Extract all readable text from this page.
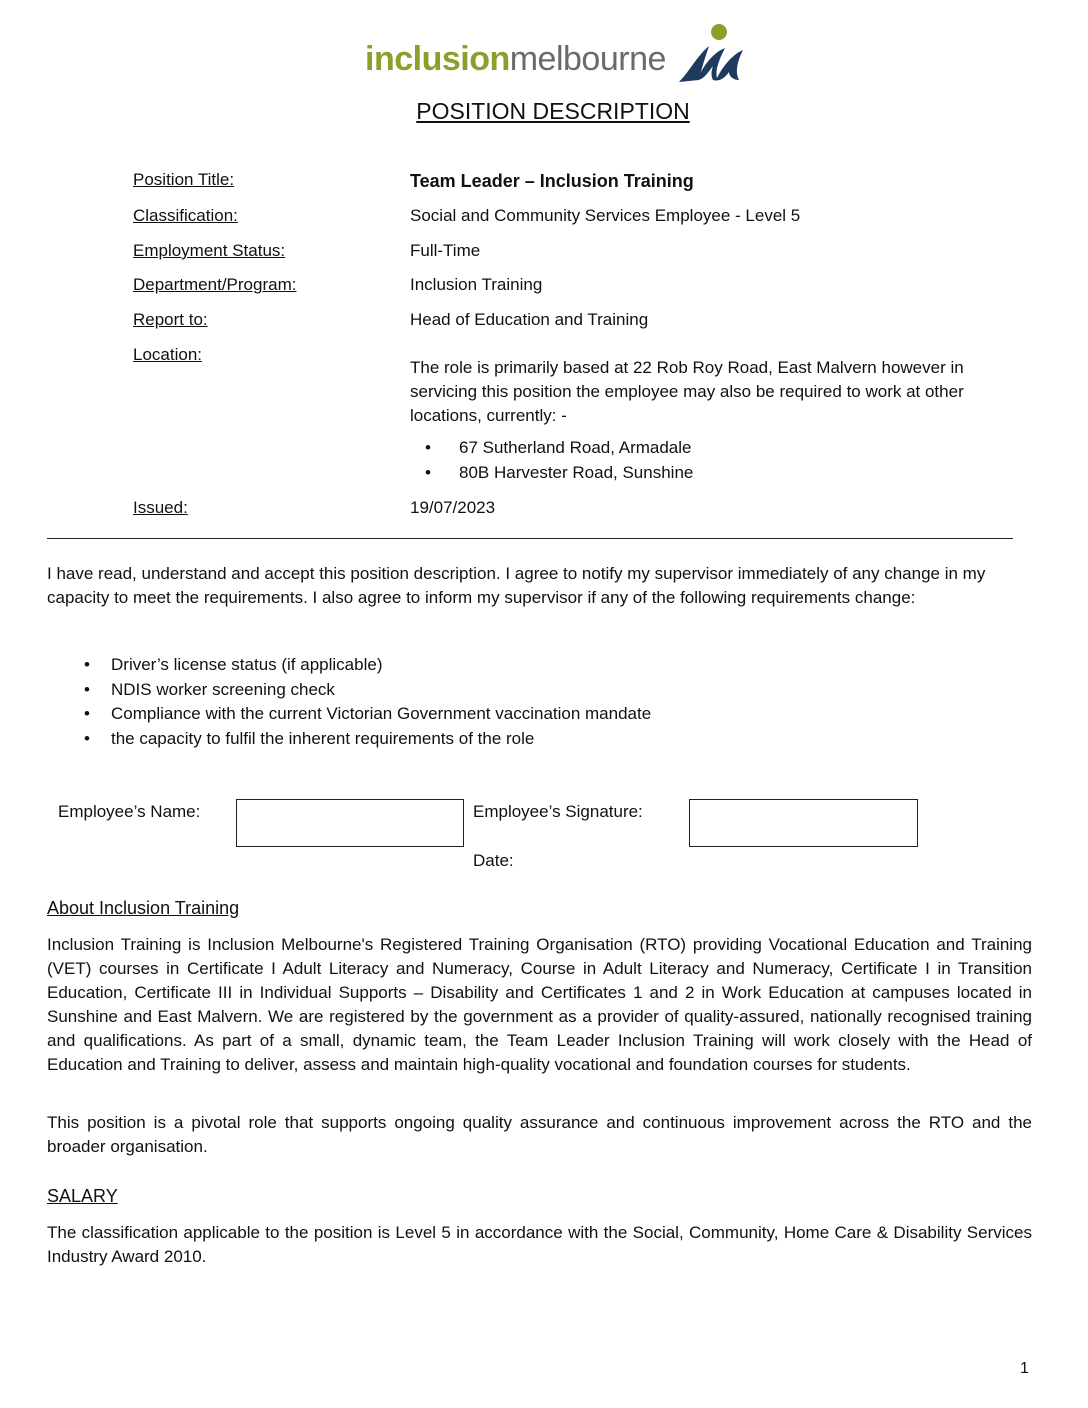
inclusionmelbourne
POSITION DESCRIPTION
Position Title:	Team Leader – Inclusion Training
Classification:	Social and Community Services Employee - Level 5
Employment Status:	Full-Time
Department/Program:	Inclusion Training
Report to:	Head of Education and Training
Location:
The role is primarily based at 22 Rob Roy Road, East Malvern however in servicing this position the employee may also be required to work at other locations, currently: -
• 67 Sutherland Road, Armadale
• 80B Harvester Road, Sunshine
Issued:	19/07/2023
I have read, understand and accept this position description. I agree to notify my supervisor immediately of any change in my capacity to meet the requirements. I also agree to inform my supervisor if any of the following requirements change:
• Driver’s license status (if applicable)
• NDIS worker screening check
• Compliance with the current Victorian Government vaccination mandate
• the capacity to fulfil the inherent requirements of the role
Employee’s Name:	Employee’s Signature:
Date:
About Inclusion Training
Inclusion Training is Inclusion Melbourne's Registered Training Organisation (RTO) providing Vocational Education and Training (VET) courses in Certificate I Adult Literacy and Numeracy, Course in Adult Literacy and Numeracy, Certificate I in Transition Education, Certificate III in Individual Supports – Disability and Certificates 1 and 2 in Work Education at campuses located in Sunshine and East Malvern. We are registered by the government as a provider of quality-assured, nationally recognised training and qualifications. As part of a small, dynamic team, the Team Leader Inclusion Training will work closely with the Head of Education and Training to deliver, assess and maintain high-quality vocational and foundation courses for students.
This position is a pivotal role that supports ongoing quality assurance and continuous improvement across the RTO and the broader organisation.
SALARY
The classification applicable to the position is Level 5 in accordance with the Social, Community, Home Care & Disability Services Industry Award 2010.
1
